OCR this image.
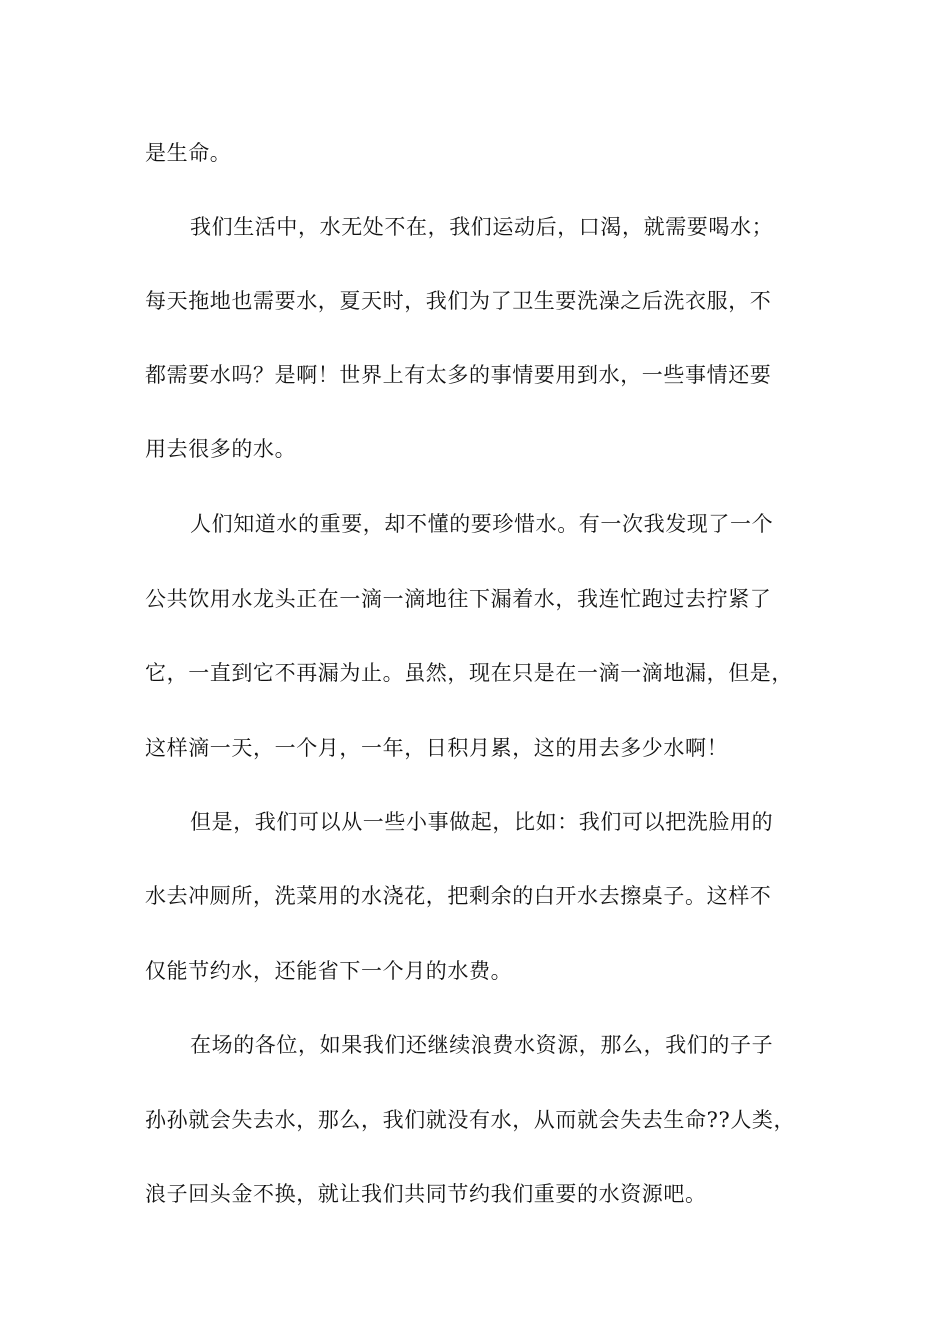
是生命。
我们生活中，水无处不在，我们运动后，口渴，就需要喝水；
每天拖地也需要水，夏天时，我们为了卫生要洗澡之后洗衣服，不
都需要水吗？是啊！世界上有太多的事情要用到水，一些事情还要
用去很多的水。
人们知道水的重要，却不懂的要珍惜水。有一次我发现了一个
公共饮用水龙头正在一滴一滴地往下漏着水，我连忙跑过去拧紧了
它，一直到它不再漏为止。虽然，现在只是在一滴一滴地漏，但是，
这样滴一天，一个月，一年，日积月累，这的用去多少水啊！
但是，我们可以从一些小事做起，比如：我们可以把洗脸用的
水去冲厕所，洗菜用的水浇花，把剩余的白开水去擦桌子。这样不
仅能节约水，还能省下一个月的水费。
在场的各位，如果我们还继续浪费水资源，那么，我们的子子
孙孙就会失去水，那么，我们就没有水，从而就会失去生命??人类，
浪子回头金不换，就让我们共同节约我们重要的水资源吧。
